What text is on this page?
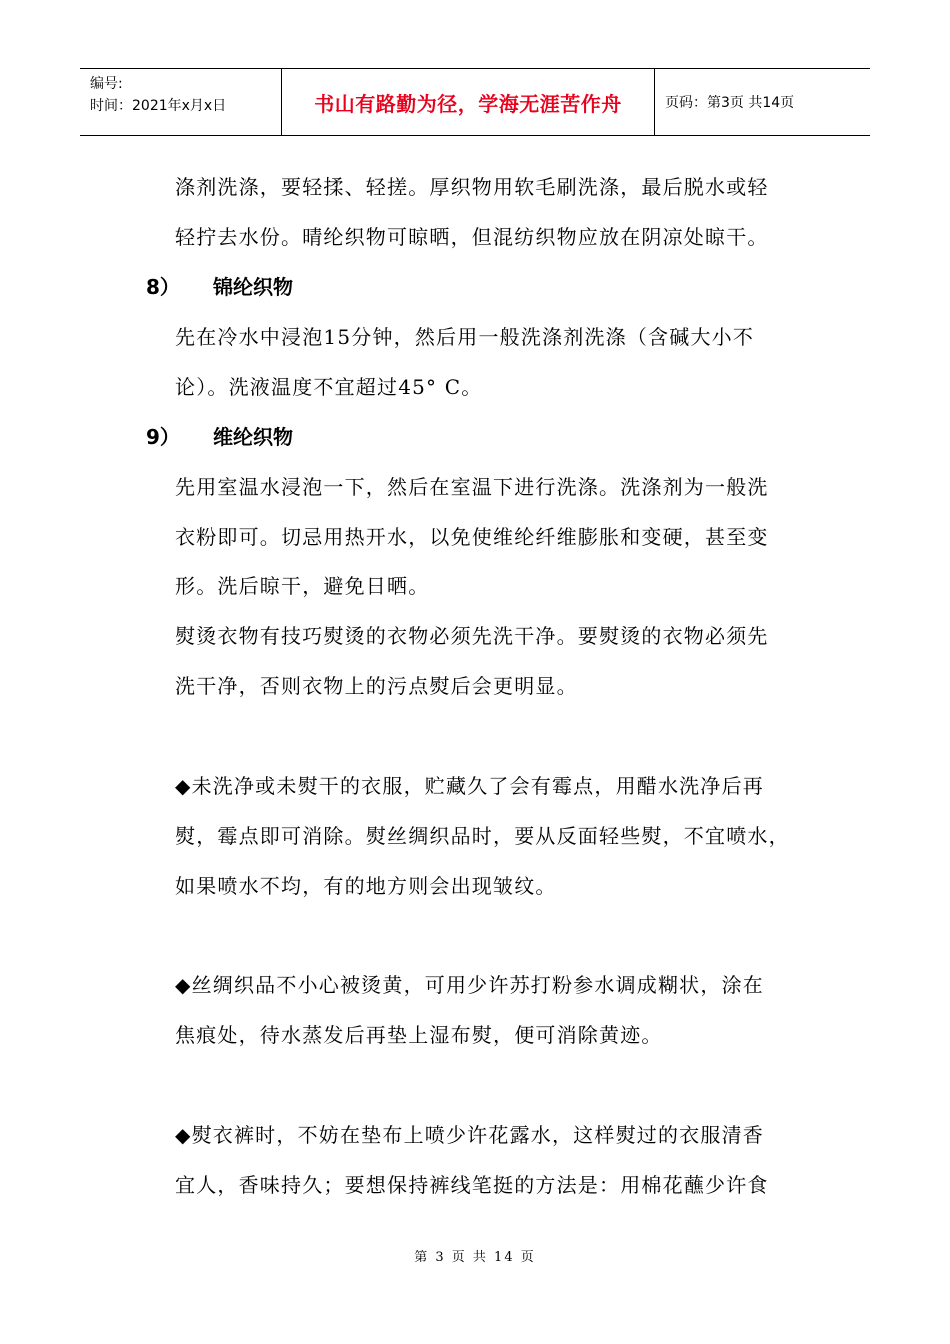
编号:
时间：2021年x月x日	书山有路勤为径，学海无涯苦作舟	页码：第3页 共14页
涤剂洗涤，要轻揉、轻搓。厚织物用软毛刷洗涤，最后脱水或轻
轻拧去水份。晴纶织物可晾晒，但混纺织物应放在阴凉处晾干。
8） 锦纶织物
先在冷水中浸泡15分钟，然后用一般洗涤剂洗涤（含碱大小不
论）。洗液温度不宜超过45° C。
9） 维纶织物
先用室温水浸泡一下，然后在室温下进行洗涤。洗涤剂为一般洗
衣粉即可。切忌用热开水，以免使维纶纤维膨胀和变硬，甚至变
形。洗后晾干，避免日晒。
熨烫衣物有技巧熨烫的衣物必须先洗干净。要熨烫的衣物必须先
洗干净，否则衣物上的污点熨后会更明显。
◆未洗净或未熨干的衣服，贮藏久了会有霉点，用醋水洗净后再
熨，霉点即可消除。熨丝绸织品时，要从反面轻些熨，不宜喷水，
如果喷水不均，有的地方则会出现皱纹。
◆丝绸织品不小心被烫黄，可用少许苏打粉参水调成糊状，涂在
焦痕处，待水蒸发后再垫上湿布熨，便可消除黄迹。
◆熨衣裤时，不妨在垫布上喷少许花露水，这样熨过的衣服清香
宜人，香味持久；要想保持裤线笔挺的方法是：用棉花蘸少许食
第 3 页 共 14 页
